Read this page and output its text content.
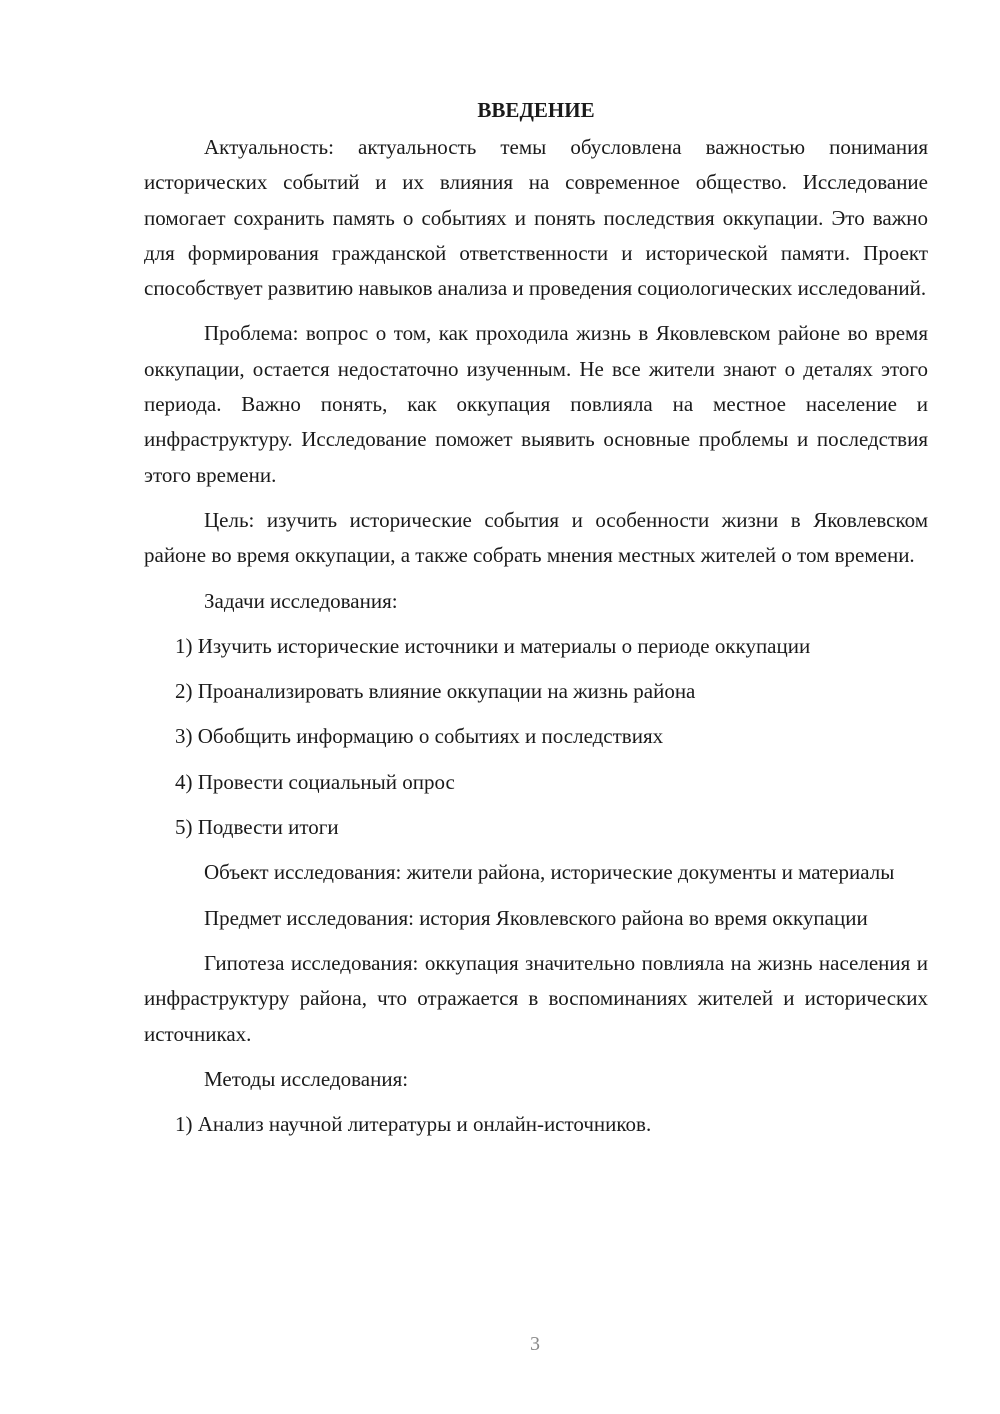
ВВЕДЕНИЕ

Актуальность: актуальность темы обусловлена важностью понимания исторических событий и их влияния на современное общество. Исследование помогает сохранить память о событиях и понять последствия оккупации. Это важно для формирования гражданской ответственности и исторической памяти. Проект способствует развитию навыков анализа и проведения социологических исследований.

Проблема: вопрос о том, как проходила жизнь в Яковлевском районе во время оккупации, остается недостаточно изученным. Не все жители знают о деталях этого периода. Важно понять, как оккупация повлияла на местное население и инфраструктуру. Исследование поможет выявить основные проблемы и последствия этого времени.

Цель: изучить исторические события и особенности жизни в Яковлевском районе во время оккупации, а также собрать мнения местных жителей о том времени.

Задачи исследования:

1) Изучить исторические источники и материалы о периоде оккупации
2) Проанализировать влияние оккупации на жизнь района
3) Обобщить информацию о событиях и последствиях
4) Провести социальный опрос
5) Подвести итоги

Объект исследования: жители района, исторические документы и материалы

Предмет исследования: история Яковлевского района во время оккупации

Гипотеза исследования: оккупация значительно повлияла на жизнь населения и инфраструктуру района, что отражается в воспоминаниях жителей и исторических источниках.

Методы исследования:

1) Анализ научной литературы и онлайн-источников.
3
